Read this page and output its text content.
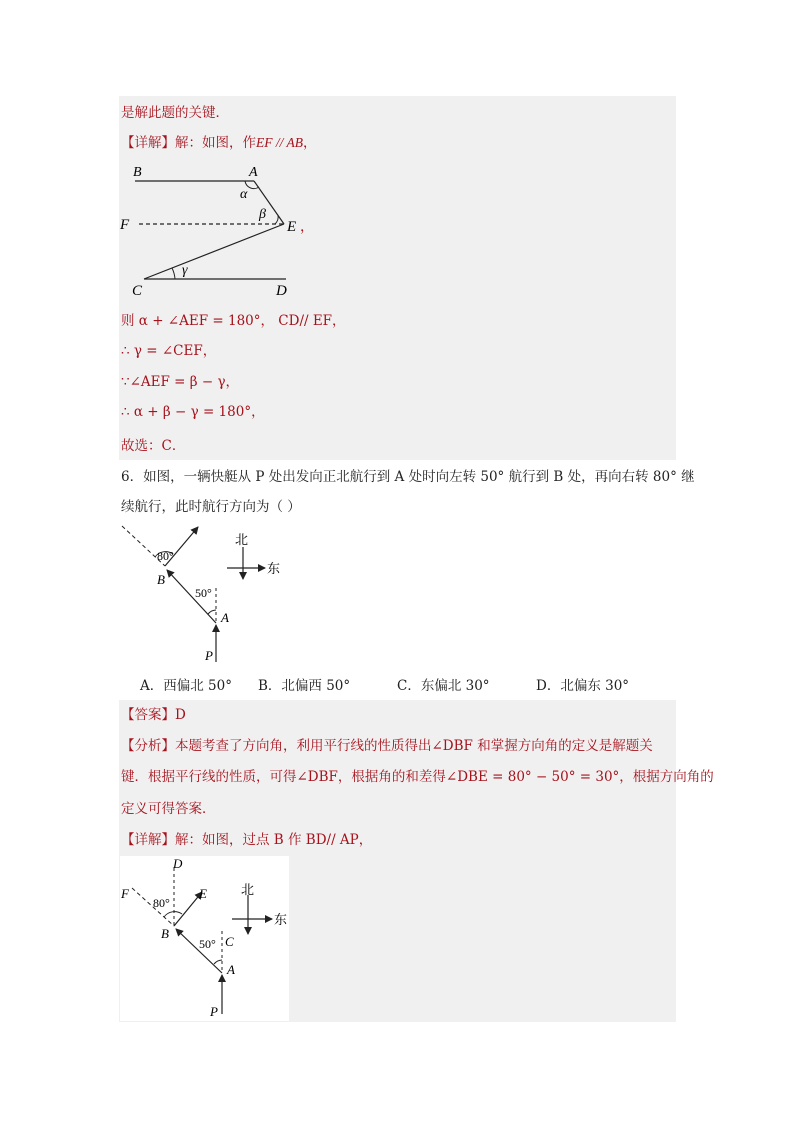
是解此题的关键．
【详解】解：如图，作EF // AB，
B	A
α
β
F	E ，
γ
C	D
则 α + ∠AEF = 180°， CD// EF，
∴ γ = ∠CEF，
∵∠AEF = β − γ，
∴ α + β − γ = 180°，
故选：C．
6．如图，一辆快艇从 P 处出发向正北航行到 A 处时向左转 50° 航行到 B 处，再向右转 80° 继
续航行，此时航行方向为（ ）
北
东
80°
50°
B
A
P
A．西偏北 50° B．北偏西 50°	C．东偏北 30°	D．北偏东 30°
【答案】D
【分析】本题考查了方向角，利用平行线的性质得出∠DBF 和掌握方向角的定义是解题关
键．根据平行线的性质，可得∠DBF，根据角的和差得∠DBE = 80° − 50° = 30°，根据方向角的
定义可得答案．
【详解】解：如图，过点 B 作 BD// AP，
D
F	E	北
东
80°
B
50° C
A
P
